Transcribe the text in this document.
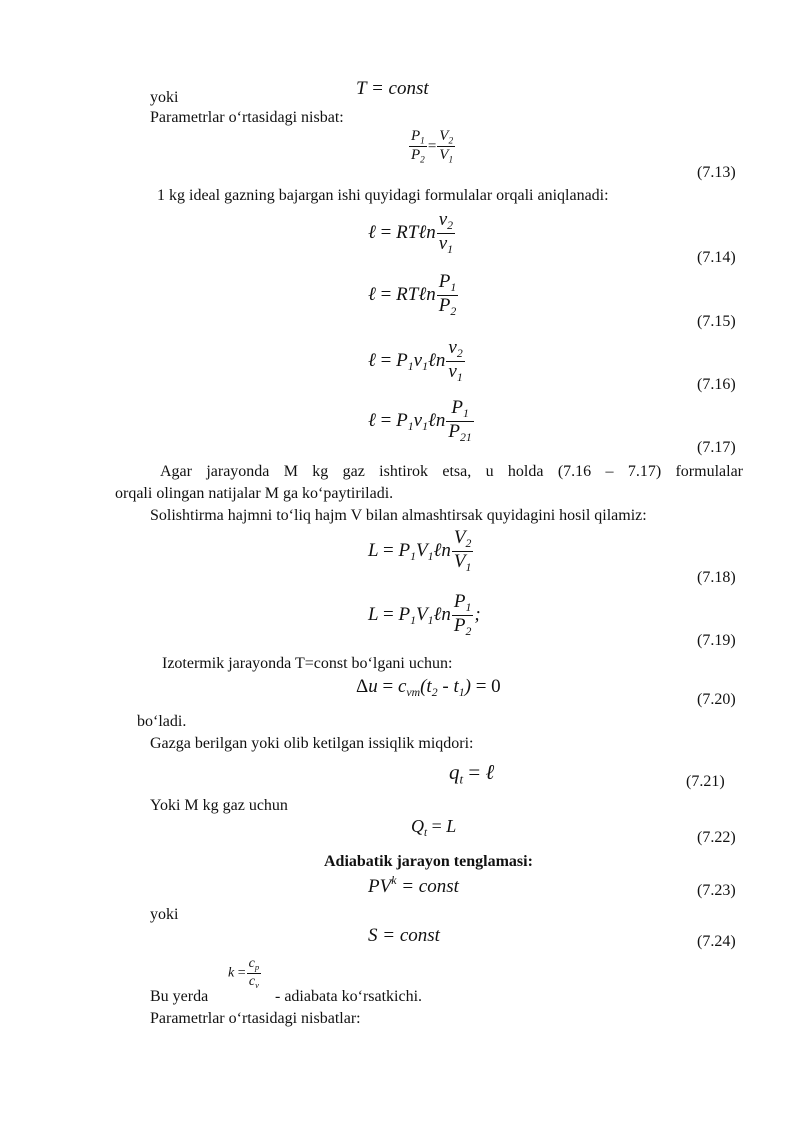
yoki	T = const
Parametrlar o‘rtasidagi nisbat:
$\frac{P_1}{P_2} = \frac{V_2}{V_1}$
(7.13)
1 kg ideal gazning bajargan ishi quyidagi formulalar orqali aniqlanadi:
ℓ = RTℓn $\frac{v_2}{v_1}$
(7.14)
ℓ = RTℓn $\frac{P_1}{P_2}$
(7.15)
ℓ = $P_1v_1\ell n \frac{v_2}{v_1}$	(7.16)
ℓ = $P_1v_1\ell n \frac{P_1}{P_{21}}$
(7.17)
Agar jarayonda M kg gaz ishtirok etsa, u holda (7.16 – 7.17) formulalar
orqali olingan natijalar M ga ko‘paytiriladi.
Solishtirma hajmni to‘liq hajm V bilan almashtirsak quyidagini hosil qilamiz:
$L = P_1V_1\ell n \frac{V_2}{V_1}$
(7.18)
$L = P_1V_1\ell n \frac{P_1}{P_2}$ ;
(7.19)
Izotermik jarayonda T=const bo‘lgani uchun:
$\Delta u = c_{vm}(t_2 - t_1) = 0$
(7.20)
bo‘ladi.
Gazga berilgan yoki olib ketilgan issiqlik miqdori:
$q_t$ = ℓ	(7.21)
Yoki M kg gaz uchun
$Q_t = L$
(7.22)
Adiabatik jarayon tenglamasi:
$PV^k$ = const	(7.23)
yoki
S = const	(7.24)
$k = \frac{c_p}{c_v}$
Bu yerda	- adiabata ko‘rsatkichi.
Parametrlar o‘rtasidagi nisbatlar:
